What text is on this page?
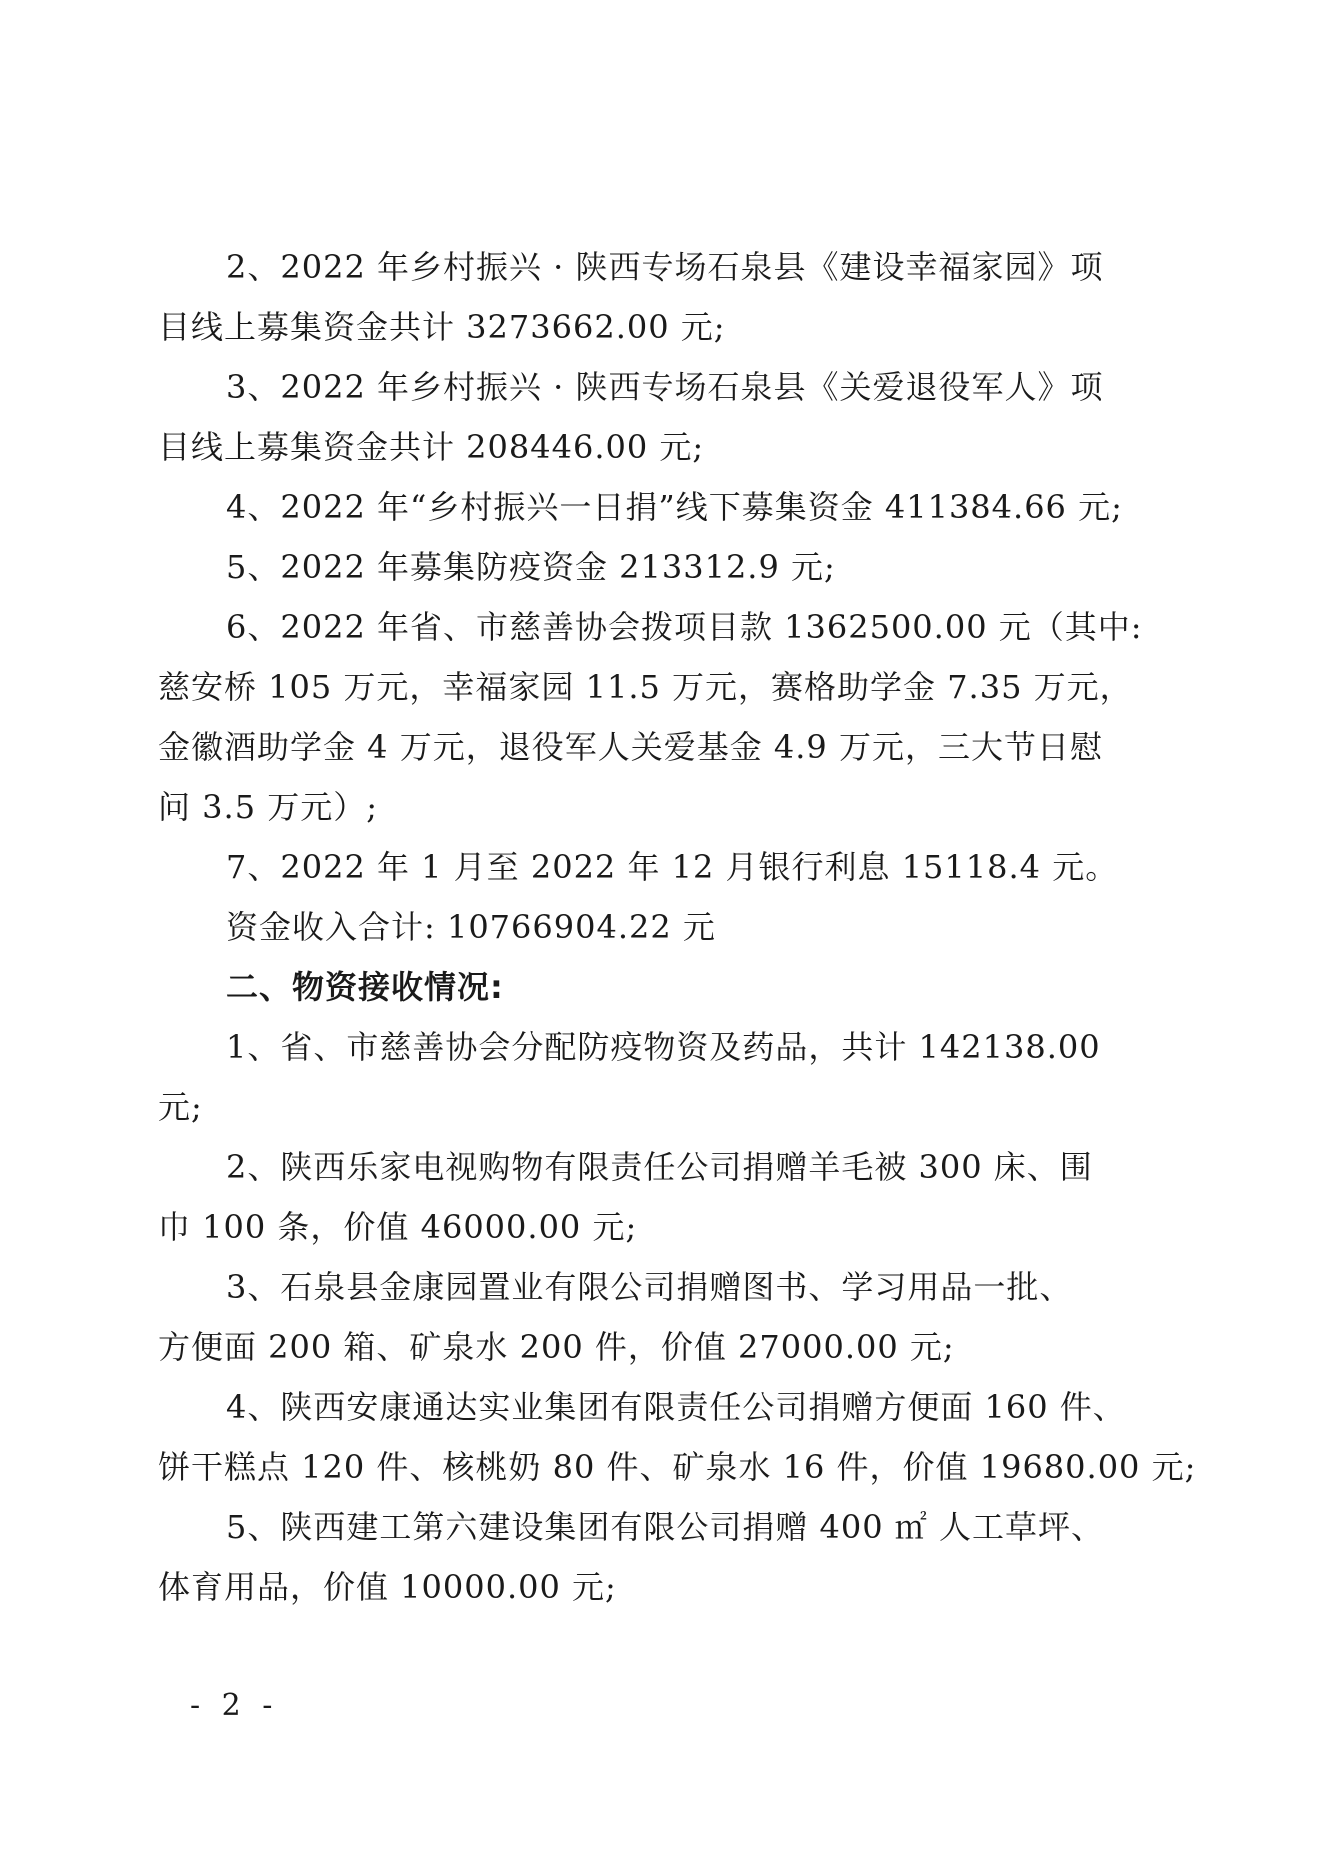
2、2022 年乡村振兴 · 陕西专场石泉县《建设幸福家园》项
目线上募集资金共计 3273662.00 元;
3、2022 年乡村振兴 · 陕西专场石泉县《关爱退役军人》项
目线上募集资金共计 208446.00 元;
4、2022 年“乡村振兴一日捐”线下募集资金 411384.66 元;
5、2022 年募集防疫资金 213312.9 元;
6、2022 年省、市慈善协会拨项目款 1362500.00 元（其中:
慈安桥 105 万元，幸福家园 11.5 万元，赛格助学金 7.35 万元，
金徽酒助学金 4 万元，退役军人关爱基金 4.9 万元，三大节日慰
问 3.5 万元）;
7、2022 年 1 月至 2022 年 12 月银行利息 15118.4 元。
资金收入合计: 10766904.22 元
二、物资接收情况:
1、省、市慈善协会分配防疫物资及药品，共计 142138.00
元;
2、陕西乐家电视购物有限责任公司捐赠羊毛被 300 床、围
巾 100 条，价值 46000.00 元;
3、石泉县金康园置业有限公司捐赠图书、学习用品一批、
方便面 200 箱、矿泉水 200 件，价值 27000.00 元;
4、陕西安康通达实业集团有限责任公司捐赠方便面 160 件、
饼干糕点 120 件、核桃奶 80 件、矿泉水 16 件，价值 19680.00 元;
5、陕西建工第六建设集团有限公司捐赠 400 ㎡ 人工草坪、
体育用品，价值 10000.00 元;
- 2 -
